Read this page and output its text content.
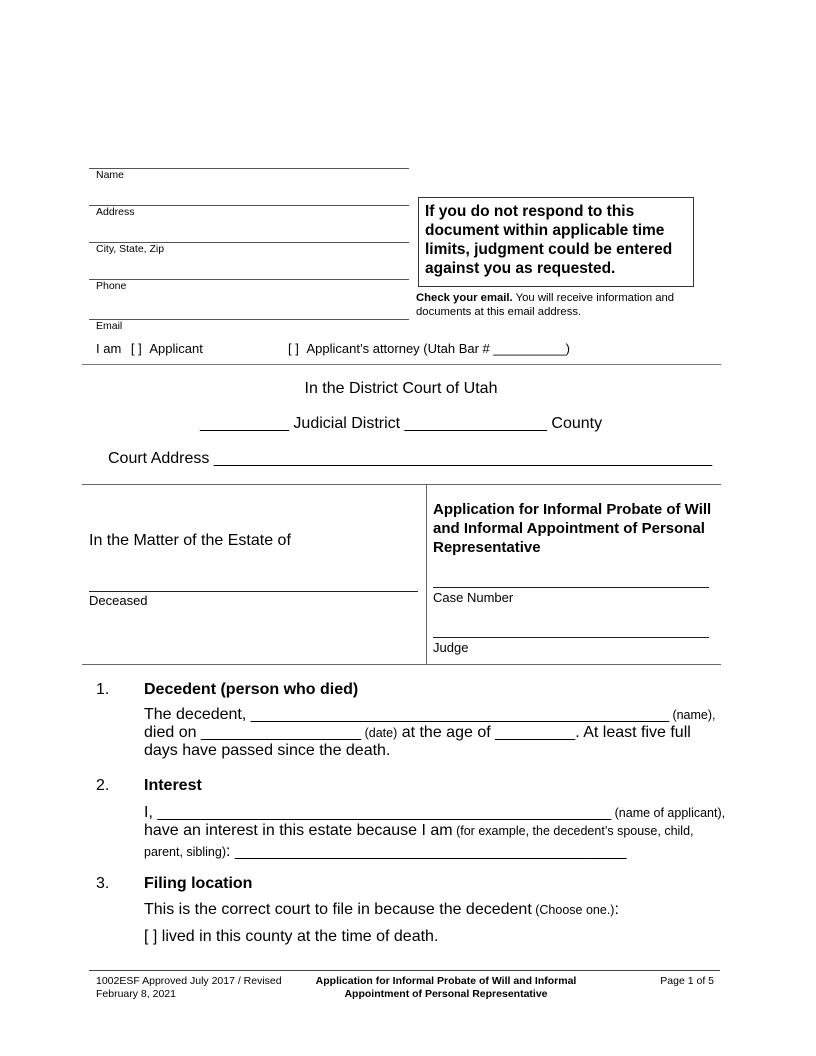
Name
Address
City, State, Zip
Phone
Email
If you do not respond to this document within applicable time limits, judgment could be entered against you as requested.
Check your email. You will receive information and documents at this email address.
I am [ ] Applicant	[ ] Applicant’s attorney (Utah Bar # __________)
In the District Court of Utah
__________ Judicial District ________________ County
Court Address ________________________________________________________
In the Matter of the Estate of
Deceased
Application for Informal Probate of Will and Informal Appointment of Personal Representative
Case Number
Judge
1. Decedent (person who died)
The decedent, _______________________________________________ (name),
died on __________________ (date) at the age of _________. At least five full
days have passed since the death.
2. Interest
I, ___________________________________________________ (name of applicant),
have an interest in this estate because I am (for example, the decedent’s spouse, child,
parent, sibling): ____________________________________________
3. Filing location
This is the correct court to file in because the decedent (Choose one.):
[ ] lived in this county at the time of death.
1002ESF Approved July 2017 / Revised
February 8, 2021
Application for Informal Probate of Will and Informal
Appointment of Personal Representative
Page 1 of 5
